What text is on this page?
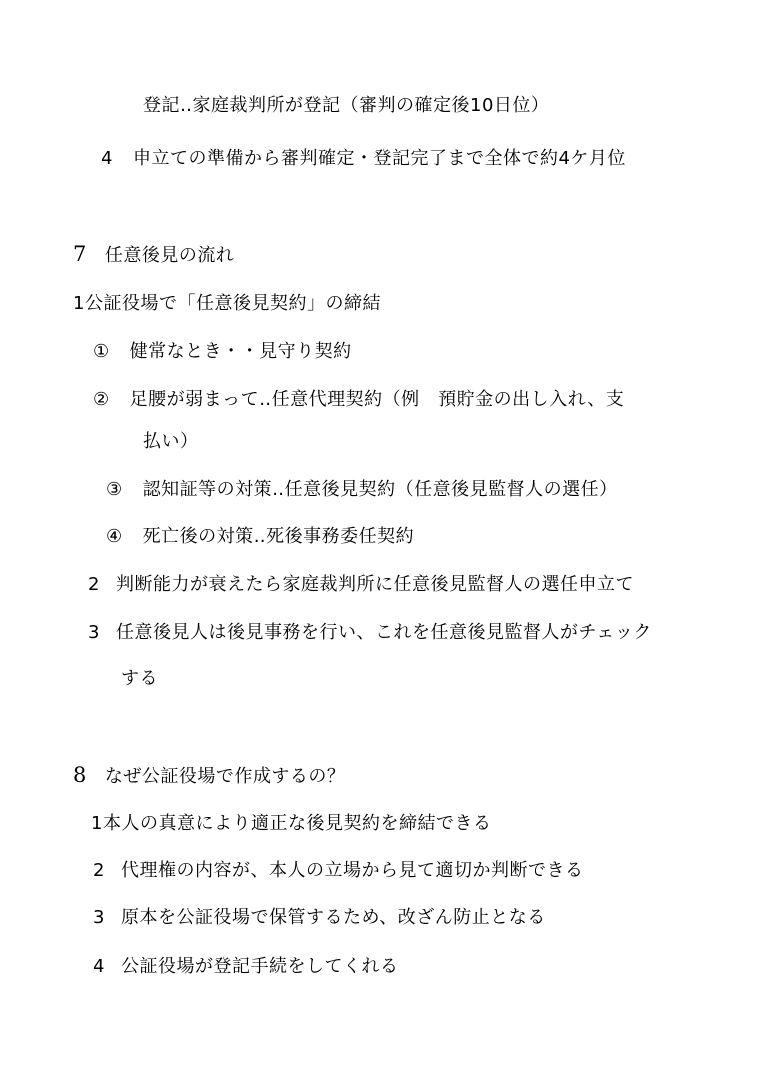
登記‥家庭裁判所が登記（審判の確定後10日位）
4 申立ての準備から審判確定・登記完了まで全体で約4ケ月位
7 任意後見の流れ
1公証役場で「任意後見契約」の締結
① 健常なとき・・見守り契約
② 足腰が弱まって‥任意代理契約（例　預貯金の出し入れ、支
払い）
③ 認知証等の対策‥任意後見契約（任意後見監督人の選任）
④ 死亡後の対策‥死後事務委任契約
2 判断能力が衰えたら家庭裁判所に任意後見監督人の選任申立て
3 任意後見人は後見事務を行い、これを任意後見監督人がチェック
する
8 なぜ公証役場で作成するの？
1本人の真意により適正な後見契約を締結できる
2 代理権の内容が、本人の立場から見て適切か判断できる
3 原本を公証役場で保管するため、改ざん防止となる
4 公証役場が登記手続をしてくれる
